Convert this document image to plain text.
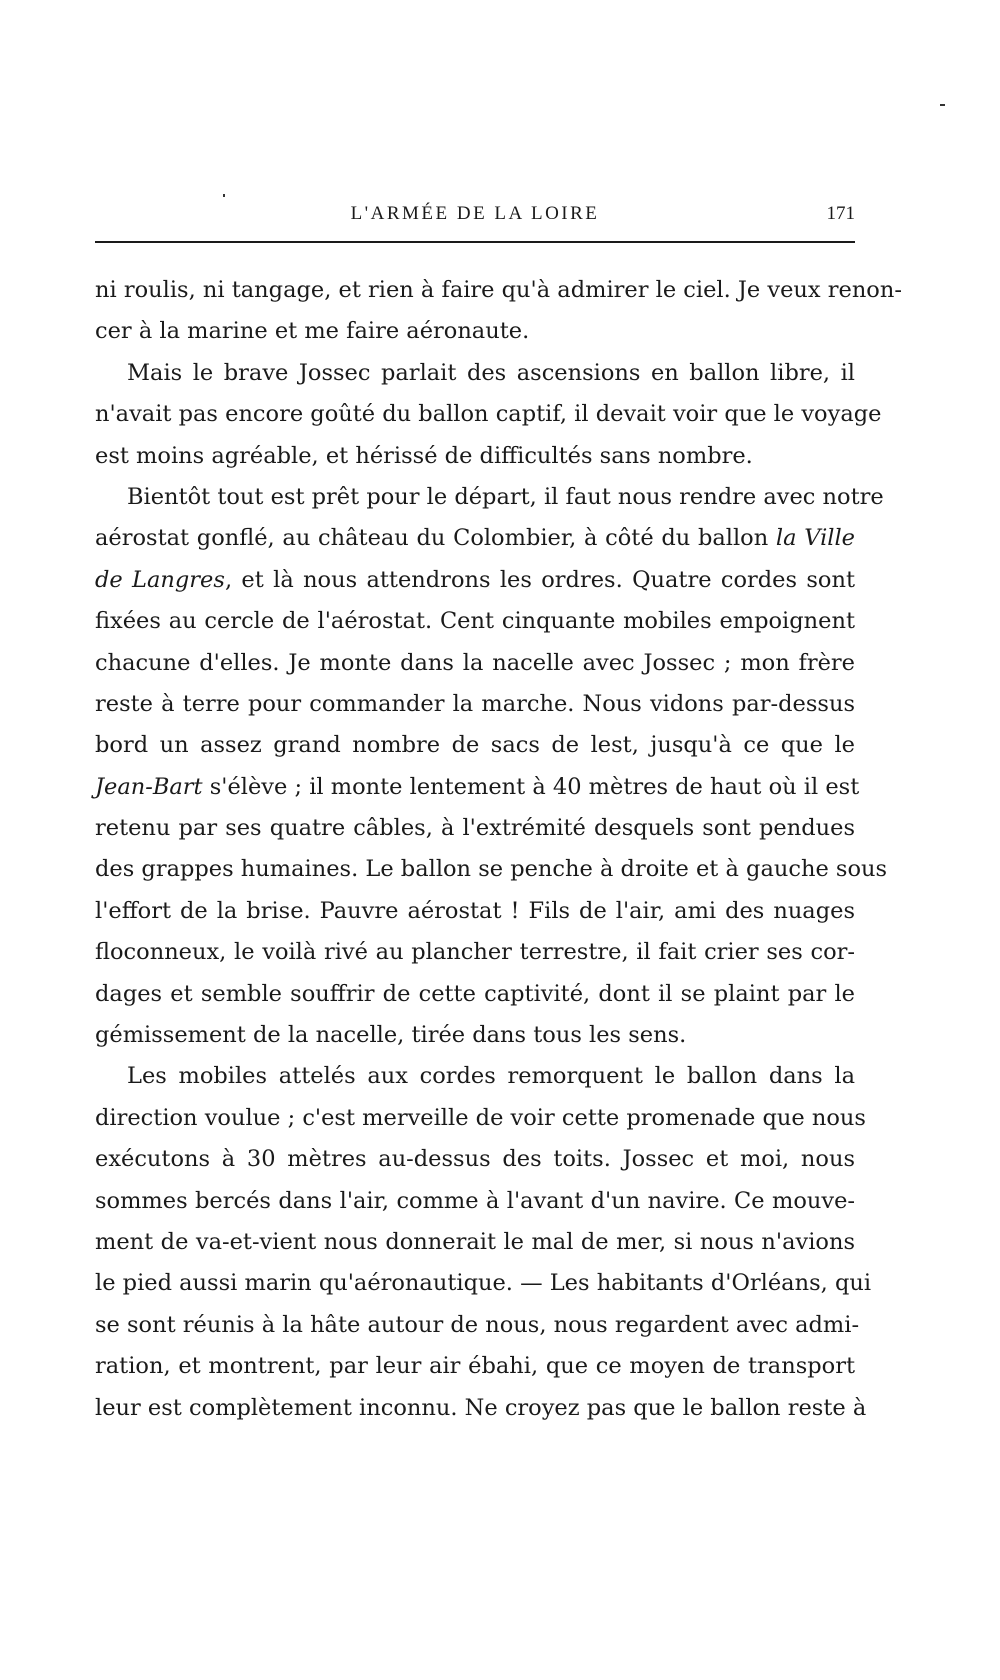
L'ARMÉE DE LA LOIRE	171
ni roulis, ni tangage, et rien à faire qu'à admirer le ciel. Je veux renon-
cer à la marine et me faire aéronaute.
Mais le brave Jossec parlait des ascensions en ballon libre, il
n'avait pas encore goûté du ballon captif, il devait voir que le voyage
est moins agréable, et hérissé de difficultés sans nombre.
Bientôt tout est prêt pour le départ, il faut nous rendre avec notre
aérostat gonflé, au château du Colombier, à côté du ballon la Ville
de Langres, et là nous attendrons les ordres. Quatre cordes sont
fixées au cercle de l'aérostat. Cent cinquante mobiles empoignent
chacune d'elles. Je monte dans la nacelle avec Jossec ; mon frère
reste à terre pour commander la marche. Nous vidons par-dessus
bord un assez grand nombre de sacs de lest, jusqu'à ce que le
Jean-Bart s'élève ; il monte lentement à 40 mètres de haut où il est
retenu par ses quatre câbles, à l'extrémité desquels sont pendues
des grappes humaines. Le ballon se penche à droite et à gauche sous
l'effort de la brise. Pauvre aérostat ! Fils de l'air, ami des nuages
floconneux, le voilà rivé au plancher terrestre, il fait crier ses cor-
dages et semble souffrir de cette captivité, dont il se plaint par le
gémissement de la nacelle, tirée dans tous les sens.
Les mobiles attelés aux cordes remorquent le ballon dans la
direction voulue ; c'est merveille de voir cette promenade que nous
exécutons à 30 mètres au-dessus des toits. Jossec et moi, nous
sommes bercés dans l'air, comme à l'avant d'un navire. Ce mouve-
ment de va-et-vient nous donnerait le mal de mer, si nous n'avions
le pied aussi marin qu'aéronautique. — Les habitants d'Orléans, qui
se sont réunis à la hâte autour de nous, nous regardent avec admi-
ration, et montrent, par leur air ébahi, que ce moyen de transport
leur est complètement inconnu. Ne croyez pas que le ballon reste à
